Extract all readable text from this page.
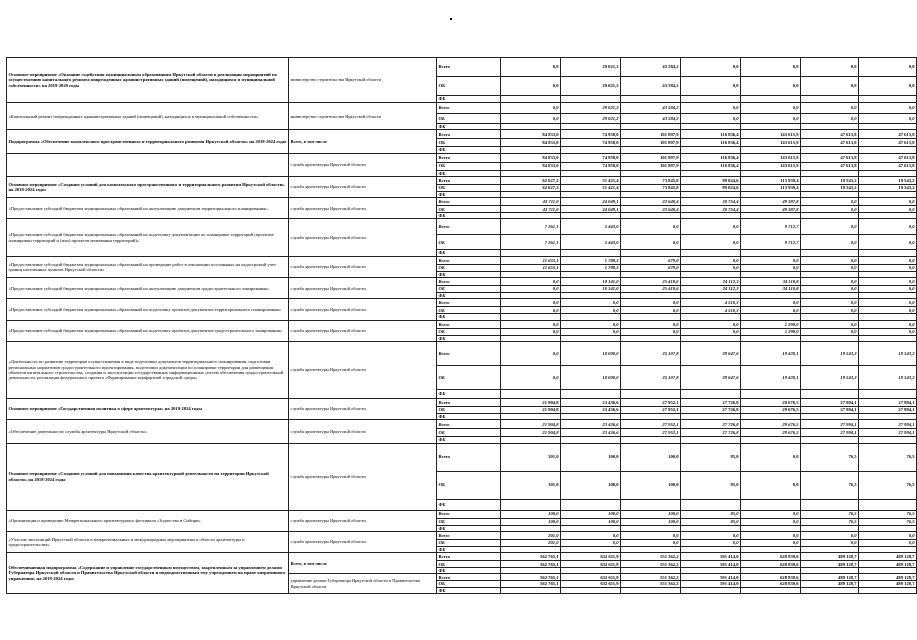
Основное мероприятие «Оказание содействия муниципальным образованиям Иркутской области в реализации мероприятий по осуществлению капитального ремонта поврежденных административных зданий (помещений), находящихся в муниципальной собственности» на 2019-2020 годы	министерство строительства Иркутской области	Всего	0,0	29 021,2	43 584,2	0,0	0,0	0,0	0,0
		ОБ	0,0	29 021,2	43 584,2	0,0	0,0	0,0	0,0
		ФБ							
«Капитальный ремонт поврежденных административных зданий (помещений), находящихся в муниципальной собственности»	министерство строительства Иркутской области	Всего	0,0	29 021,2	43 584,2	0,0	0,0	0,0	0,0
		ОБ	0,0	29 021,2	43 584,2	0,0	0,0	0,0	0,0
		ФБ							
Подпрограмма «Обеспечение комплексного пространственного и территориального развития Иркутской области» на 2018-2024 годы	Всего, в том числе	Всего	84 833,0	74 958,0	101 897,9	116 836,4	143 615,9	47 613,8	47 613,8
		ОБ	84 833,0	74 958,0	101 897,9	116 836,4	143 615,9	47 613,8	47 613,8
		ФБ							
	служба архитектуры Иркутской области	Всего	84 833,0	74 958,0	101 897,9	116 836,4	143 615,9	47 613,8	47 613,8
		ОБ	84 833,0	74 958,0	101 897,9	116 836,4	143 615,9	47 613,8	47 613,8
		ФБ							
Основное мероприятие «Создание условий для комплексного пространственного и территориального развития Иркутской области» на 2018-2024 годы	служба архитектуры Иркутской области	Всего	62 627,2	51 421,4	73 845,8	89 024,6	113 939,4	19 543,2	19 543,2
		ОБ	62 627,2	51 421,4	73 845,8	89 024,6	113 939,4	19 543,2	19 543,2
		ФБ							
«Предоставление субсидий бюджетам муниципальных образований на актуализацию документов территориального планирования»	служба архитектуры Иркутской области	Всего	43 711,0	24 049,1	22 640,4	20 754,4	49 387,8	0,0	0,0
		ОБ	43 711,0	24 049,1	22 640,4	20 754,4	49 387,8	0,0	0,0
		ФБ							
«Предоставление субсидий бюджетам муниципальных образований на подготовку документации по планировке территорий (проектов планировки территорий и (или) проектов межевания территорий)»	служба архитектуры Иркутской области	Всего	7 261,1	5 443,0	0,0	0,0	9 712,7	0,0	0,0
		ОБ	7 261,1	5 443,0	0,0	0,0	9 712,7	0,0	0,0
		ФБ							
«Предоставление субсидий бюджетам муниципальных образований на проведение работ в отношении постоянных на кадастровый учет границ населенных пунктов Иркутской области»	служба архитектуры Иркутской области	Всего	11 655,1	1 788,3	679,0	0,0	0,0	0,0	0,0
		ОБ	11 655,1	1 788,3	679,0	0,0	0,0	0,0	0,0
		ФБ							
«Предоставление субсидий бюджетам муниципальных образований на актуализацию документов градостроительного зонирования»	служба архитектуры Иркутской области	Всего	0,0	10 141,0	25 418,6	24 112,3	34 110,8	0,0	0,0
		ОБ	0,0	10 141,0	25 418,6	24 112,3	34 110,8	0,0	0,0
		ФБ							
«Предоставление субсидий бюджетам муниципальных образований на подготовку проектов документов территориального планирования»	служба архитектуры Иркутской области	Всего	0,0	0,0	0,0	4 510,3	0,0	0,0	0,0
		ОБ	0,0	0,0	0,0	4 510,3	0,0	0,0	0,0
		ФБ							
«Предоставление субсидий бюджетам муниципальных образований на подготовку проектов документов градостроительного зонирования»	служба архитектуры Иркутской области	Всего	0,0	0,0	0,0	0,0	1 298,0	0,0	0,0
		ОБ	0,0	0,0	0,0	0,0	1 298,0	0,0	0,0
		ФБ							
«Деятельность по развитию территории осуществляемая в виде подготовки документов территориального планирования, подготовки региональных нормативов градостроительного проектирования, подготовки документации по планировке территории для размещения объектов капитального строительства, создания и эксплуатации государственных информационных систем обеспечения градостроительной деятельности, реализация федерального проекта «Формирование комфортной городской среды»	служба архитектуры Иркутской области	Всего	0,0	10 000,0	25 107,8	39 647,6	19 430,1	19 543,2	19 543,2
		ОБ	0,0	10 000,0	25 107,8	39 647,6	19 430,1	19 543,2	19 543,2
		ФБ							
Основное мероприятие «Государственная политика в сфере архитектуры» на 2018-2024 годы	служба архитектуры Иркутской области	Всего	21 904,8	23 436,6	27 952,1	27 726,8	29 676,5	27 994,1	27 994,1
		ОБ	21 904,8	23 436,6	27 952,1	27 726,8	29 676,5	27 994,1	27 994,1
		ФБ							
«Обеспечение деятельности службы архитектуры Иркутской области»	служба архитектуры Иркутской области	Всего	21 904,8	23 436,6	27 952,1	27 726,8	29 676,5	27 994,1	27 994,1
		ОБ	21 904,8	23 436,6	27 952,1	27 726,8	29 676,5	27 994,1	27 994,1
		ФБ							
Основное мероприятие «Создание условий для повышения качества архитектурной деятельности на территории Иркутской области» на 2018-2024 годы	служба архитектуры Иркутской области	Всего	301,0	100,0	100,0	85,0	0,0	76,5	76,5
		ОБ	301,0	100,0	100,0	85,0	0,0	76,5	76,5
		ФБ							
«Организация и проведение Межрегионального архитектурного фестиваля «Зодчество в Сибири»	служба архитектуры Иркутской области	Всего	100,0	100,0	100,0	85,0	0,0	76,5	76,5
		ОБ	100,0	100,0	100,0	85,0	0,0	76,5	76,5
		ФБ							
«Участие экспозиций Иркутской области в межрегиональных и международных мероприятиях в области архитектуры и градостроительства»	служба архитектуры Иркутской области	Всего	201,0	0,0	0,0	0,0	0,0	0,0	0,0
		ОБ	201,0	0,0	0,0	0,0	0,0	0,0	0,0
		ФБ							
Обеспечивающая подпрограмма «Содержание и управление государственным имуществом, закрепленным за управлением делами Губернатора Иркутской области и Правительства Иркутской области и подведомственным ему учреждением на праве оперативного управления» на 2018-2024 годы	Всего, в том числе	Всего	562 765,1	632 611,9	551 362,2	591 414,0	628 839,6	489 128,7	489 128,7
		ОБ	562 765,1	632 611,9	551 362,2	591 414,0	628 839,6	489 128,7	489 128,7
		ФБ							
	управление делами Губернатора Иркутской области и Правительства Иркутской области	Всего	562 765,1	632 611,9	551 362,2	591 414,0	628 839,6	489 128,7	489 128,7
		ОБ	562 765,1	632 611,9	551 362,2	591 414,0	628 839,6	489 128,7	489 128,7
		ФБ							
